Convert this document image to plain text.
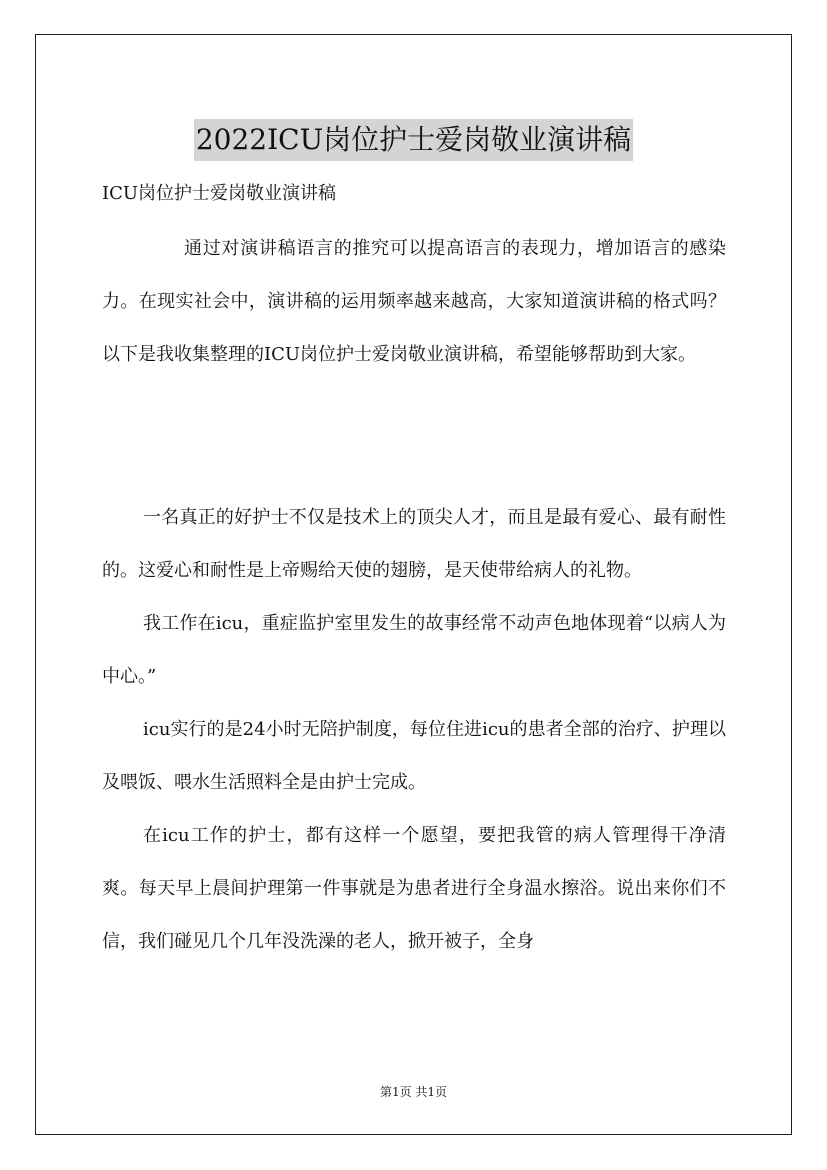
2022ICU岗位护士爱岗敬业演讲稿
ICU岗位护士爱岗敬业演讲稿

通过对演讲稿语言的推究可以提高语言的表现力，增加语言的感染力。在现实社会中，演讲稿的运用频率越来越高，大家知道演讲稿的格式吗？以下是我收集整理的ICU岗位护士爱岗敬业演讲稿，希望能够帮助到大家。

一名真正的好护士不仅是技术上的顶尖人才，而且是最有爱心、最有耐性的。这爱心和耐性是上帝赐给天使的翅膀，是天使带给病人的礼物。

我工作在icu，重症监护室里发生的故事经常不动声色地体现着“以病人为中心。”

icu实行的是24小时无陪护制度，每位住进icu的患者全部的治疗、护理以及喂饭、喂水生活照料全是由护士完成。

在icu工作的护士，都有这样一个愿望，要把我管的病人管理得干净清爽。每天早上晨间护理第一件事就是为患者进行全身温水擦浴。说出来你们不信，我们碰见几个几年没洗澡的老人，掀开被子，全身

第1页 共1页
